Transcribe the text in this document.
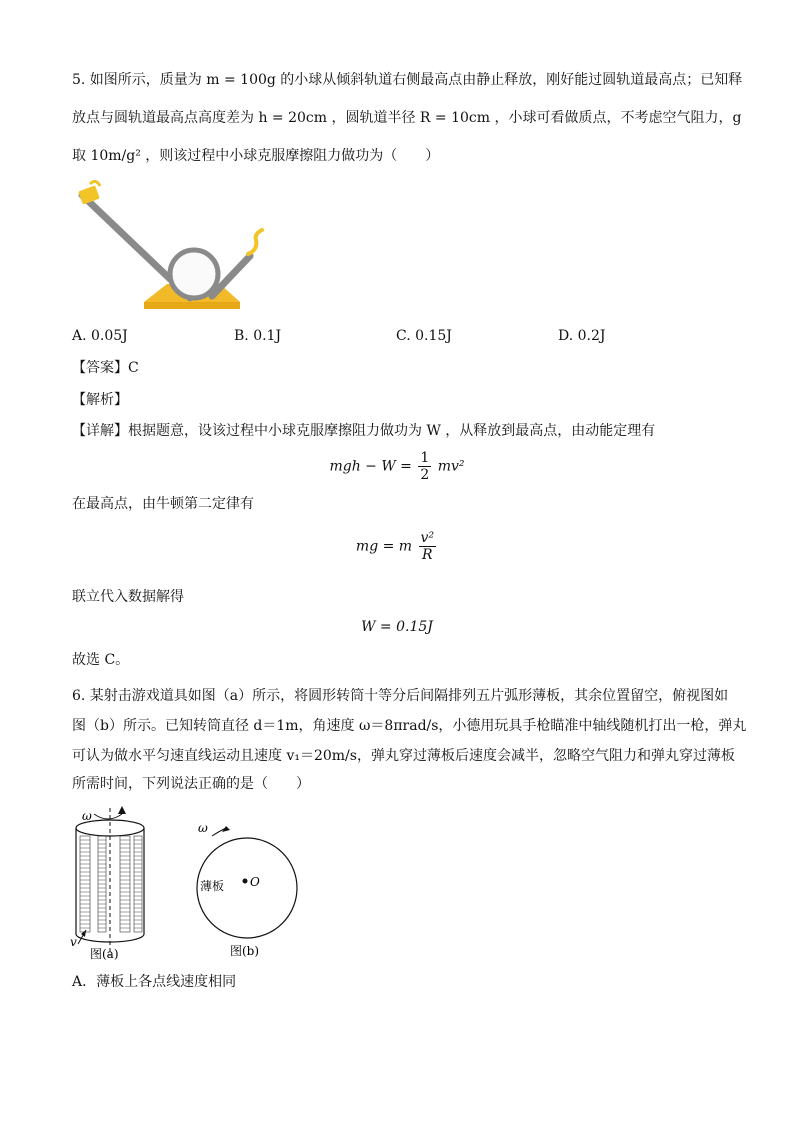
5. 如图所示，质量为 m = 100g 的小球从倾斜轨道右侧最高点由静止释放，刚好能过圆轨道最高点；已知释
放点与圆轨道最高点高度差为 h = 20cm ，圆轨道半径 R = 10cm ，小球可看做质点，不考虑空气阻力，g
取 10m/g² ，则该过程中小球克服摩擦阻力做功为（　　）
A. 0.05J	B. 0.1J	C. 0.15J	D. 0.2J
【答案】C
【解析】
【详解】根据题意，设该过程中小球克服摩擦阻力做功为 W ，从释放到最高点，由动能定理有
mgh − $W = \frac{1}{2} mv^2$
在最高点，由牛顿第二定律有
mg = m $\frac{\text{v²}}{R}$
联立代入数据解得
W = 0.15J
故选 C。
6. 某射击游戏道具如图（a）所示，将圆形转筒十等分后间隔排列五片弧形薄板，其余位置留空，俯视图如
图（b）所示。已知转筒直径 d＝1m，角速度 ω＝8πrad/s，小德用玩具手枪瞄准中轴线随机打出一枪，弹丸
可认为做水平匀速直线运动且速度 v₁＝20m/s，弹丸穿过薄板后速度会减半，忽略空气阻力和弹丸穿过薄板
所需时间，下列说法正确的是（　　）
ω
v
图(a)
ω
O
薄板
图(b)
A．薄板上各点线速度相同
